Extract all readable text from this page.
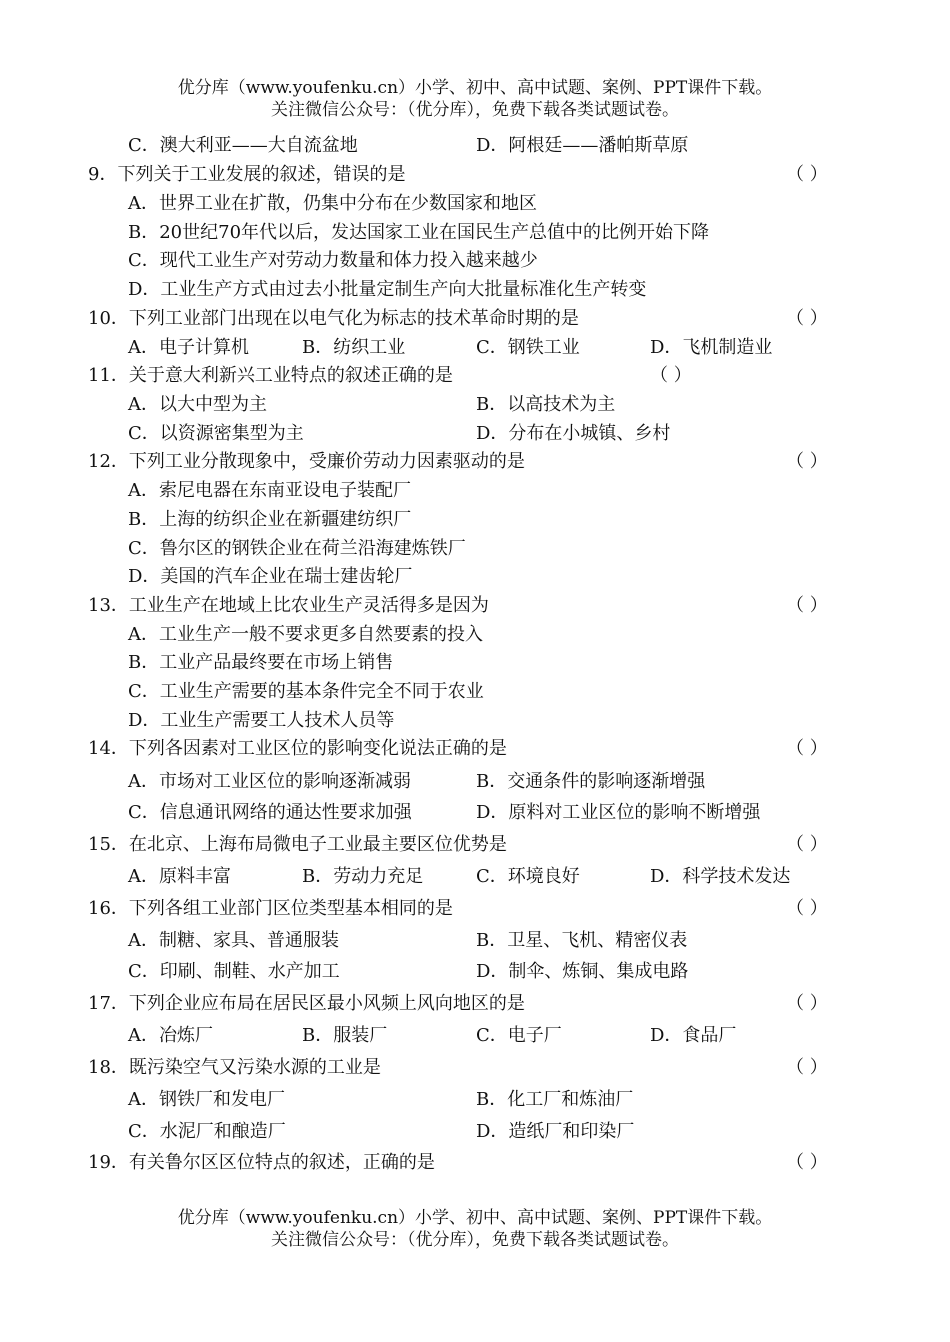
优分库（www.youfenku.cn）小学、初中、高中试题、案例、PPT课件下载。
关注微信公众号：（优分库），免费下载各类试题试卷。
C．澳大利亚——大自流盆地	D．阿根廷——潘帕斯草原
9．下列关于工业发展的叙述，错误的是	（ ）
A．世界工业在扩散，仍集中分布在少数国家和地区
B．20世纪70年代以后，发达国家工业在国民生产总值中的比例开始下降
C．现代工业生产对劳动力数量和体力投入越来越少
D．工业生产方式由过去小批量定制生产向大批量标准化生产转变
10．下列工业部门出现在以电气化为标志的技术革命时期的是	（ ）
A．电子计算机	B．纺织工业	C．钢铁工业	D．飞机制造业
11．关于意大利新兴工业特点的叙述正确的是	（ ）
A．以大中型为主	B．以高技术为主
C．以资源密集型为主	D．分布在小城镇、乡村
12．下列工业分散现象中，受廉价劳动力因素驱动的是	（ ）
A．索尼电器在东南亚设电子装配厂
B．上海的纺织企业在新疆建纺织厂
C．鲁尔区的钢铁企业在荷兰沿海建炼铁厂
D．美国的汽车企业在瑞士建齿轮厂
13．工业生产在地域上比农业生产灵活得多是因为	（ ）
A．工业生产一般不要求更多自然要素的投入
B．工业产品最终要在市场上销售
C．工业生产需要的基本条件完全不同于农业
D．工业生产需要工人技术人员等
14．下列各因素对工业区位的影响变化说法正确的是	（ ）
A．市场对工业区位的影响逐渐减弱	B．交通条件的影响逐渐增强
C．信息通讯网络的通达性要求加强	D．原料对工业区位的影响不断增强
15．在北京、上海布局微电子工业最主要区位优势是	（ ）
A．原料丰富	B．劳动力充足	C．环境良好	D．科学技术发达
16．下列各组工业部门区位类型基本相同的是	（ ）
A．制糖、家具、普通服装	B．卫星、飞机、精密仪表
C．印刷、制鞋、水产加工	D．制伞、炼铜、集成电路
17．下列企业应布局在居民区最小风频上风向地区的是	（ ）
A．冶炼厂	B．服装厂	C．电子厂	D．食品厂
18．既污染空气又污染水源的工业是	（ ）
A．钢铁厂和发电厂	B．化工厂和炼油厂
C．水泥厂和酿造厂	D．造纸厂和印染厂
19．有关鲁尔区区位特点的叙述，正确的是	（ ）
优分库（www.youfenku.cn）小学、初中、高中试题、案例、PPT课件下载。
关注微信公众号：（优分库），免费下载各类试题试卷。
